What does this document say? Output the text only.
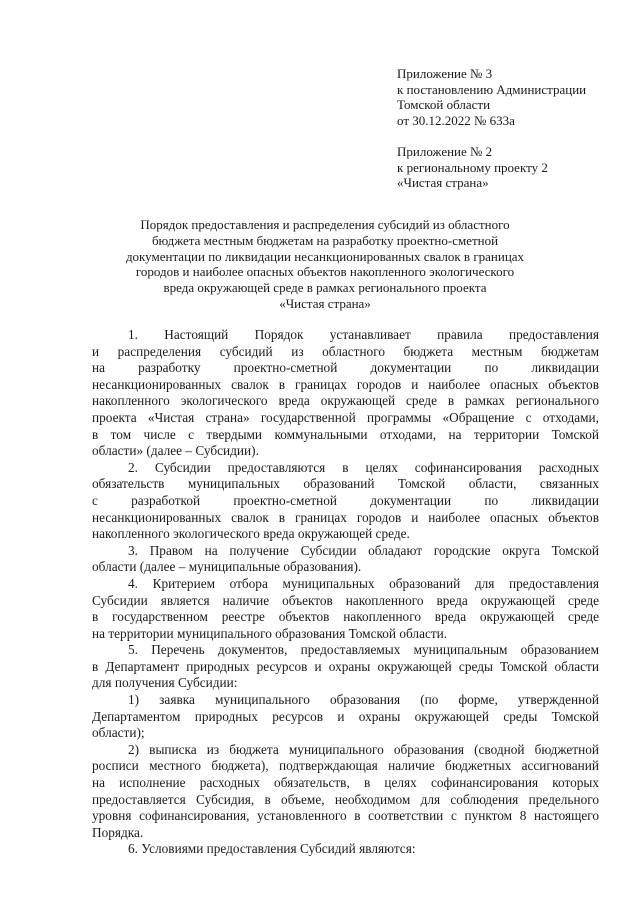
Приложение № 3
к постановлению Администрации
Томской области
от 30.12.2022 № 633а
Приложение № 2
к региональному проекту 2
«Чистая страна»
Порядок предоставления и распределения субсидий из областного
бюджета местным бюджетам на разработку проектно-сметной
документации по ликвидации несанкционированных свалок в границах
городов и наиболее опасных объектов накопленного экологического
вреда окружающей среде в рамках регионального проекта
«Чистая страна»
1. Настоящий Порядок устанавливает правила предоставления
и распределения субсидий из областного бюджета местным бюджетам
на разработку проектно-сметной документации по ликвидации
несанкционированных свалок в границах городов и наиболее опасных объектов
накопленного экологического вреда окружающей среде в рамках регионального
проекта «Чистая страна» государственной программы «Обращение с отходами,
в том числе с твердыми коммунальными отходами, на территории Томской
области» (далее – Субсидии).
2. Субсидии предоставляются в целях софинансирования расходных
обязательств муниципальных образований Томской области, связанных
с разработкой проектно-сметной документации по ликвидации
несанкционированных свалок в границах городов и наиболее опасных объектов
накопленного экологического вреда окружающей среде.
3. Правом на получение Субсидии обладают городские округа Томской
области (далее – муниципальные образования).
4. Критерием отбора муниципальных образований для предоставления
Субсидии является наличие объектов накопленного вреда окружающей среде
в государственном реестре объектов накопленного вреда окружающей среде
на территории муниципального образования Томской области.
5. Перечень документов, предоставляемых муниципальным образованием
в Департамент природных ресурсов и охраны окружающей среды Томской области
для получения Субсидии:
1) заявка муниципального образования (по форме, утвержденной
Департаментом природных ресурсов и охраны окружающей среды Томской
области);
2) выписка из бюджета муниципального образования (сводной бюджетной
росписи местного бюджета), подтверждающая наличие бюджетных ассигнований
на исполнение расходных обязательств, в целях софинансирования которых
предоставляется Субсидия, в объеме, необходимом для соблюдения предельного
уровня софинансирования, установленного в соответствии с пунктом 8 настоящего
Порядка.
6. Условиями предоставления Субсидий являются:
